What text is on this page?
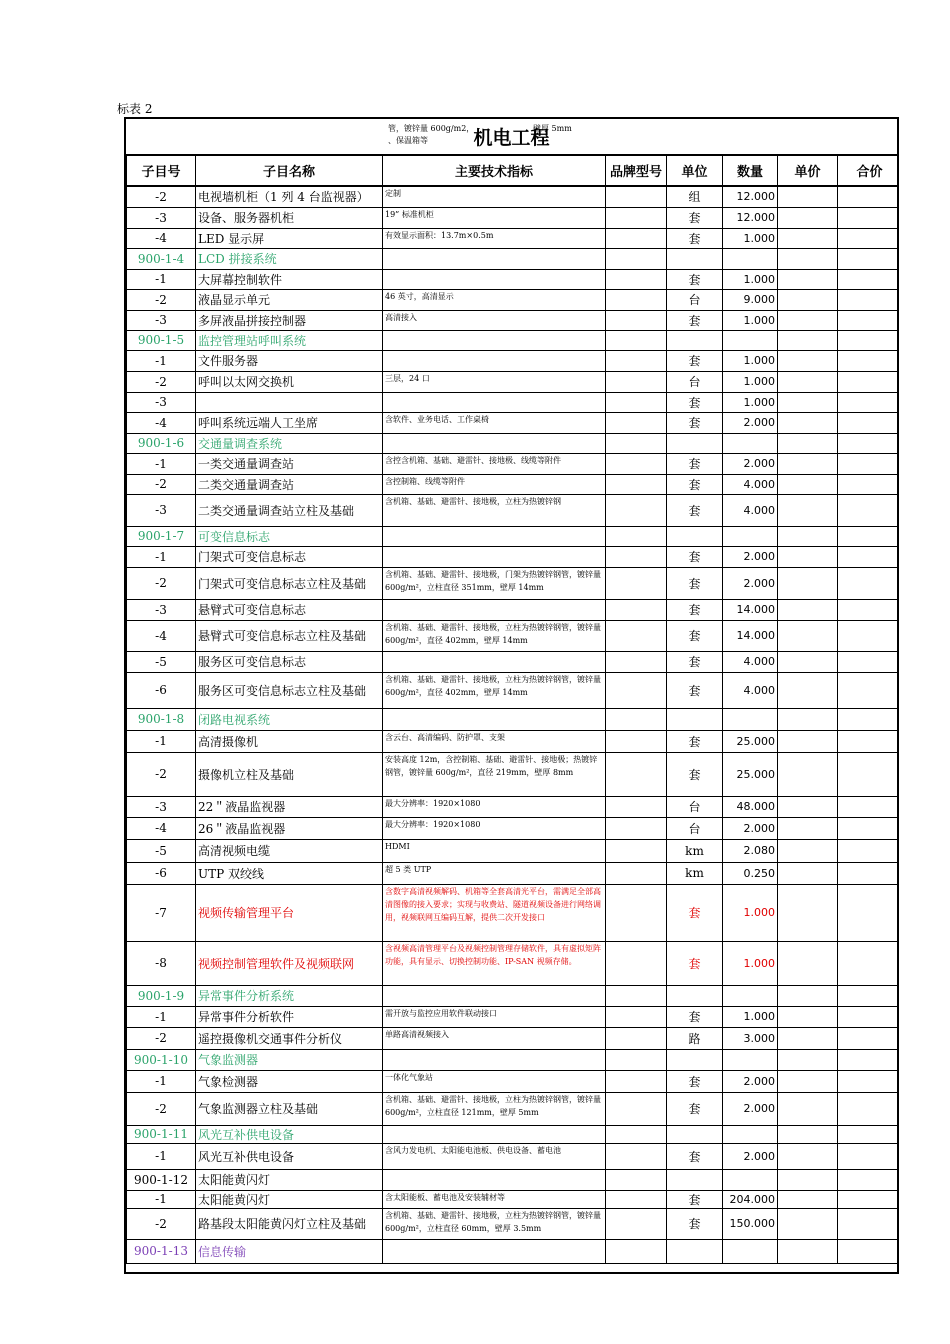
标表 2
管，镀锌量 600g/m2，	壁厚 5mm
、保温箱等	机电工程
子目号	子目名称	主要技术指标	品牌型号	单位	数量	单价	合价
-2	电视墙机柜（1 列 4 台监视器）	定制		组	12.000		
-3	设备、服务器机柜	19” 标准机柜		套	12.000		
-4	LED 显示屏	有效显示面积：13.7m×0.5m		套	1.000		
900-1-4	LCD 拼接系统						
-1	大屏幕控制软件			套	1.000		
-2	液晶显示单元	46 英寸，高清显示		台	9.000		
-3	多屏液晶拼接控制器	高清接入		套	1.000		
900-1-5	监控管理站呼叫系统						
-1	文件服务器			套	1.000		
-2	呼叫以太网交换机	三层，24 口		台	1.000		
-3				套	1.000		
-4	呼叫系统远端人工坐席	含软件、业务电话、工作桌椅		套	2.000		
900-1-6	交通量调查系统						
-1	一类交通量调查站	含控含机箱、基础、避雷针、接地极、线缆等附件		套	2.000		
-2	二类交通量调查站	含控制箱、线缆等附件		套	4.000		
-3	二类交通量调查站立柱及基础	含机箱、基础、避雷针、接地极，立柱为热镀锌钢		套	4.000		
900-1-7	可变信息标志						
-1	门架式可变信息标志			套	2.000		
-2	门架式可变信息标志立柱及基础	含机箱、基础、避雷针、接地极，门架为热镀锌钢管，镀锌量 600g/m²，立柱直径 351mm，壁厚 14mm		套	2.000		
-3	悬臂式可变信息标志			套	14.000		
-4	悬臂式可变信息标志立柱及基础	含机箱、基础、避雷针、接地极，立柱为热镀锌钢管，镀锌量 600g/m²，直径 402mm，壁厚 14mm		套	14.000		
-5	服务区可变信息标志			套	4.000		
-6	服务区可变信息标志立柱及基础	含机箱、基础、避雷针、接地极，立柱为热镀锌钢管，镀锌量 600g/m²，直径 402mm，壁厚 14mm		套	4.000		
900-1-8	闭路电视系统						
-1	高清摄像机	含云台、高清编码、防护罩、支架		套	25.000		
-2	摄像机立柱及基础	安装高度 12m，含控制箱、基础、避雷针、接地极；热镀锌钢管，镀锌量 600g/m²，直径 219mm，壁厚 8mm		套	25.000		
-3	22＂液晶监视器	最大分辨率：1920×1080		台	48.000		
-4	26＂液晶监视器	最大分辨率：1920×1080		台	2.000		
-5	高清视频电缆	HDMI		km	2.080		
-6	UTP 双绞线	超 5 类 UTP		km	0.250		
-7	视频传输管理平台	含数字高清视频解码、机箱等全套高清光平台，需满足全部高清图像的接入要求；实现与收费站、隧道视频设备进行网络调用，视频联网互编码互解，提供二次开发接口		套	1.000		
-8	视频控制管理软件及视频联网	含视频高清管理平台及视频控制管理存储软件，具有虚拟矩阵功能，具有显示、切换控制功能、IP-SAN 视频存储。		套	1.000		
900-1-9	异常事件分析系统						
-1	异常事件分析软件	需开放与监控应用软件联动接口		套	1.000		
-2	遥控摄像机交通事件分析仪	单路高清视频接入		路	3.000		
900-1-10	气象监测器						
-1	气象检测器	一体化气象站		套	2.000		
-2	气象监测器立柱及基础	含机箱、基础、避雷针、接地极，立柱为热镀锌钢管，镀锌量 600g/m²，立柱直径 121mm，壁厚 5mm		套	2.000		
900-1-11	风光互补供电设备						
-1	风光互补供电设备	含风力发电机、太阳能电池板、供电设备、蓄电池		套	2.000		
900-1-12	太阳能黄闪灯						
-1	太阳能黄闪灯	含太阳能板、蓄电池及安装辅材等		套	204.000		
-2	路基段太阳能黄闪灯立柱及基础	含机箱、基础、避雷针、接地极，立柱为热镀锌钢管，镀锌量 600g/m²，立柱直径 60mm，壁厚 3.5mm		套	150.000		
900-1-13	信息传输						
